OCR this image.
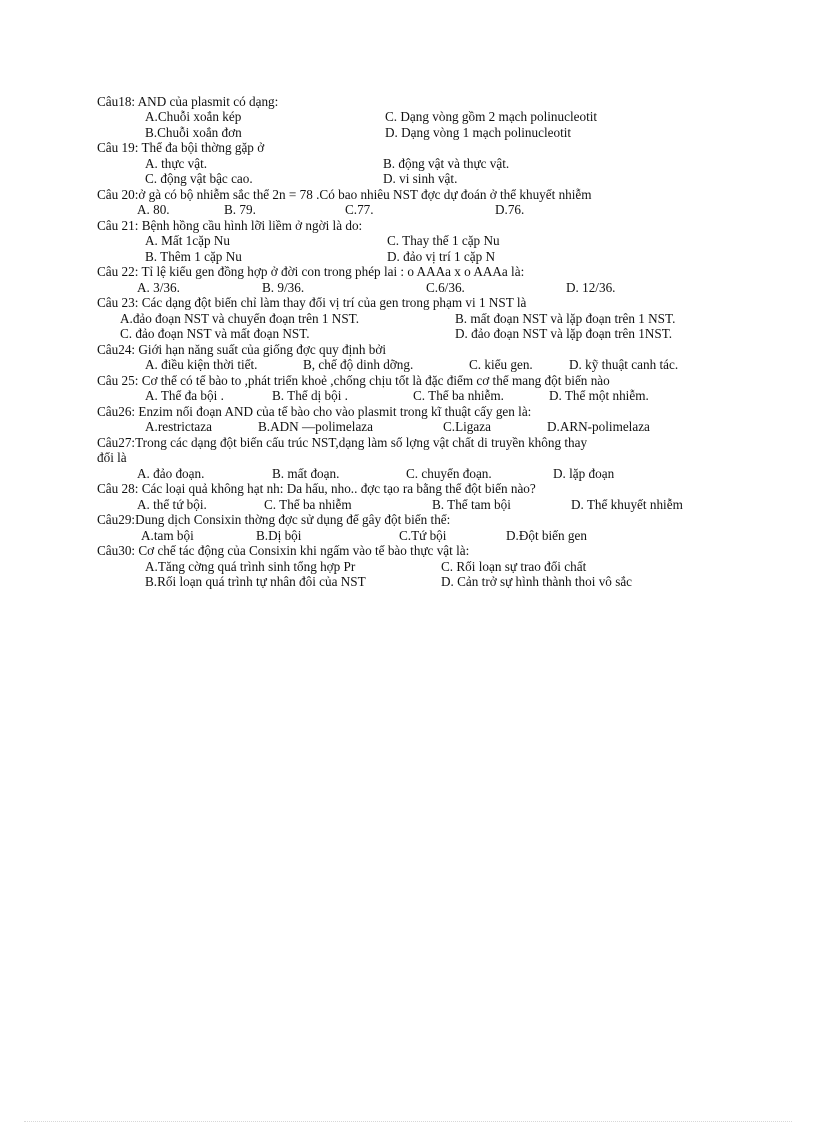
Câu18: AND của plasmit có dạng:
A.Chuỗi xoắn kép	C. Dạng vòng gồm 2 mạch polinucleotit
B.Chuỗi xoắn đơn	D. Dạng vòng 1 mạch polinucleotit
Câu 19: Thể đa bội thờng gặp ở
A. thực vật.	B. động vật và thực vật.
C. động vật bậc cao.	D. vi sinh vật.
Câu 20:ở gà có bộ nhiễm sắc thể 2n = 78 .Có bao nhiêu NST đợc dự đoán ở thể khuyết nhiễm
A. 80.	B. 79.	C.77.	D.76.
Câu 21: Bệnh hồng cầu hình lỡi liềm ở ngời là do:
A. Mất 1cặp Nu	C. Thay thế 1 cặp Nu
B. Thêm 1 cặp Nu	D. đảo vị trí 1 cặp N
Câu 22: Tỉ lệ kiểu gen đồng hợp ở đời con trong phép lai : o AAAa x o AAAa là:
A. 3/36.	B. 9/36.	C.6/36.	D. 12/36.
Câu 23: Các dạng đột biến chỉ làm thay đổi vị trí của gen trong phạm vi 1 NST là
A.đảo đoạn NST và chuyển đoạn trên 1 NST.	B. mất đoạn NST và lặp đoạn trên 1 NST.
C. đảo đoạn NST và mất đoạn NST.	D. đảo đoạn NST và lặp đoạn trên 1NST.
Câu24: Giới hạn năng suất của giống đợc quy định bởi
A. điều kiện thời tiết.	B, chế độ dinh dỡng.	C. kiểu gen.	D. kỹ thuật canh tác.
Câu 25: Cơ thể có tế bào to ,phát triển khoẻ ,chống chịu tốt là đặc điểm cơ thể mang đột biến nào
A. Thể đa bội .	B. Thể dị bội .	C. Thể ba nhiễm.	D. Thể một nhiễm.
Câu26: Enzim nối đoạn AND của tế bào cho vào plasmit trong kĩ thuật cấy gen là:
A.restrictaza	B.ADN —polimelaza	C.Ligaza	D.ARN-polimelaza
Câu27:Trong các dạng đột biến cấu trúc NST,dạng làm số lợng vật chất di truyền không thay
đổi là
A. đảo đoạn.	B. mất đoạn.	C. chuyển đoạn.	D. lặp đoạn
Câu 28: Các loại quả không hạt nh: Da hấu, nho.. đợc tạo ra bằng thể đột biến nào?
A. thể tứ bội.	C. Thể ba nhiễm	B. Thể tam bội	D. Thể khuyết nhiễm
Câu29:Dung dịch Consixin thờng đợc sử dụng để gây đột biến thể:
A.tam bội	B.Dị bội	C.Tứ bội	D.Đột biến gen
Câu30: Cơ chế tác động của Consixin khi ngấm vào tế bào thực vật là:
A.Tăng cờng quá trình sinh tổng hợp Pr	C. Rối loạn sự trao đổi chất
B.Rối loạn quá trình tự nhân đôi của NST	D. Cản trở sự hình thành thoi vô sắc
